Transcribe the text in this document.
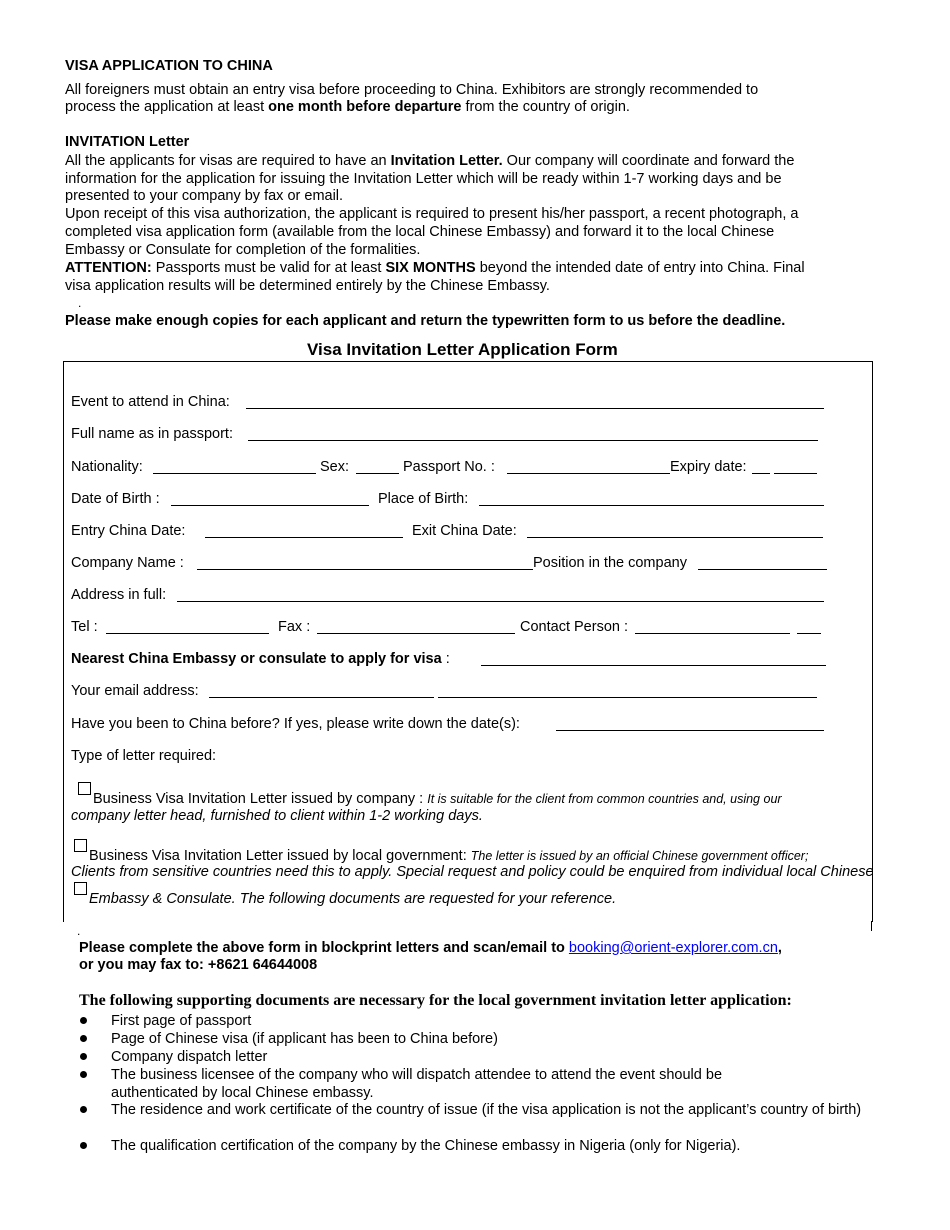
VISA APPLICATION TO CHINA
All foreigners must obtain an entry visa before proceeding to China. Exhibitors are strongly recommended to
process the application at least one month before departure from the country of origin.
INVITATION Letter
All the applicants for visas are required to have an Invitation Letter. Our company will coordinate and forward the
information for the application for issuing the Invitation Letter which will be ready within 1-7 working days and be
presented to your company by fax or email.
Upon receipt of this visa authorization, the applicant is required to present his/her passport, a recent photograph, a
completed visa application form (available from the local Chinese Embassy) and forward it to the local Chinese
Embassy or Consulate for completion of the formalities.
ATTENTION: Passports must be valid for at least SIX MONTHS beyond the intended date of entry into China. Final
visa application results will be determined entirely by the Chinese Embassy.
.
Please make enough copies for each applicant and return the typewritten form to us before the deadline.
Visa Invitation Letter Application Form
Event to attend in China:
Full name as in passport:
Nationality:	Sex:	Passport No. :	Expiry date:
Date of Birth :	Place of Birth:
Entry China Date:	Exit China Date:
Company Name :	Position in the company
Address in full:
Tel :	Fax :	Contact Person :
Nearest China Embassy or consulate to apply for visa :
Your email address:
Have you been to China before? If yes, please write down the date(s):
Type of letter required:
Business Visa Invitation Letter issued by company : It is suitable for the client from common countries and, using our
company letter head, furnished to client within 1-2 working days.
Business Visa Invitation Letter issued by local government: The letter is issued by an official Chinese government officer;
Clients from sensitive countries need this to apply. Special request and policy could be enquired from individual local Chinese
Embassy & Consulate. The following documents are requested for your reference.
.
Please complete the above form in blockprint letters and scan/email to booking@orient-explorer.com.cn,
or you may fax to: +8621 64644008
The following supporting documents are necessary for the local government invitation letter application:
First page of passport
Page of Chinese visa (if applicant has been to China before)
Company dispatch letter
The business licensee of the company who will dispatch attendee to attend the event should be authenticated by local Chinese embassy.
The residence and work certificate of the country of issue (if the visa application is not the applicant’s country of birth)
The qualification certification of the company by the Chinese embassy in Nigeria (only for Nigeria).
